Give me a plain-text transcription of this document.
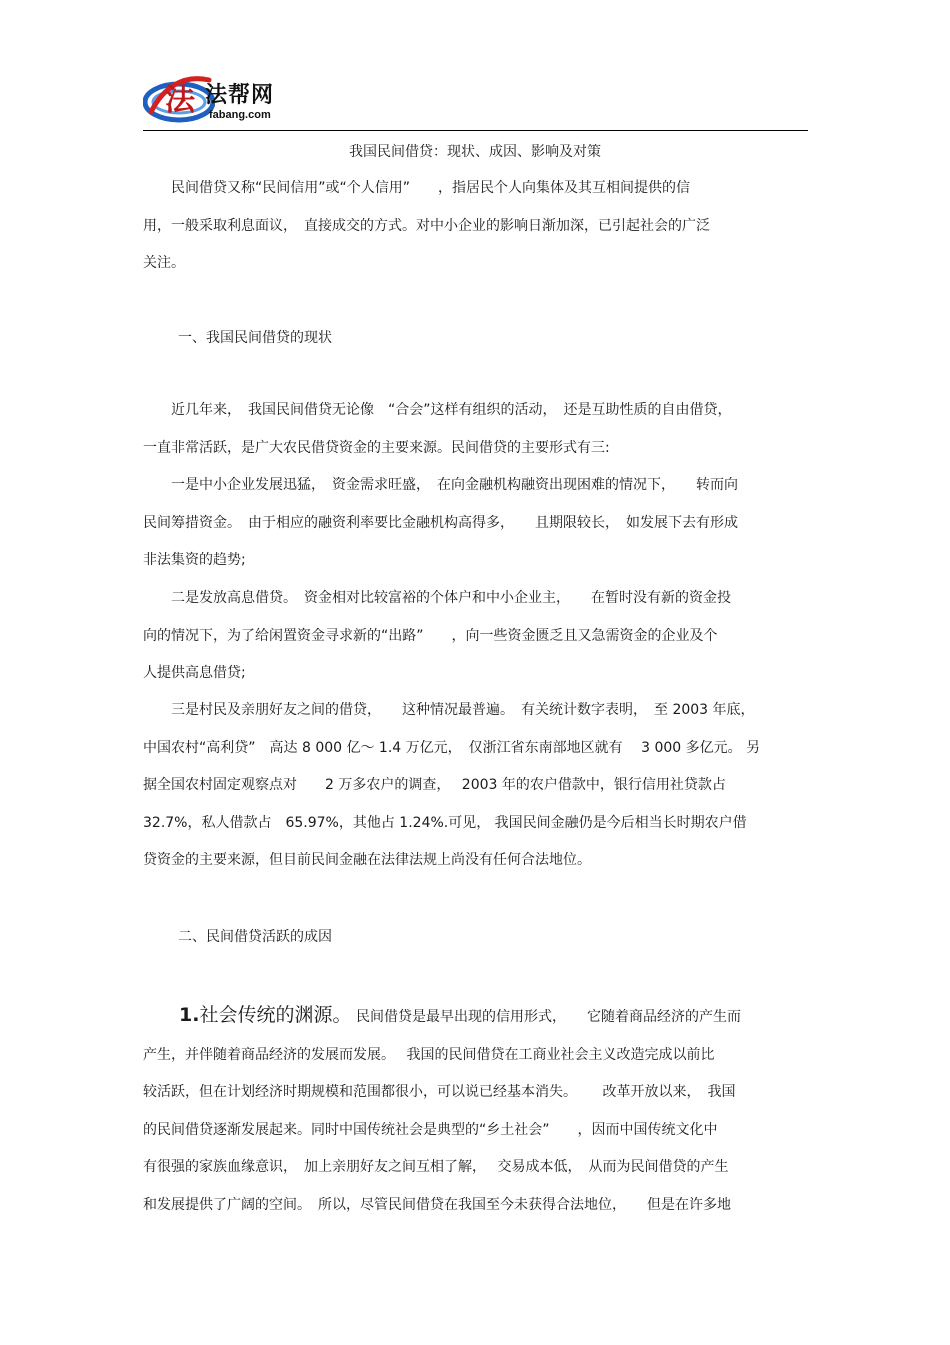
法 法帮网
fabang.com
我国民间借贷：现状、成因、影响及对策

　　民间借贷又称“民间信用”或“个人信用”　　，指居民个人向集体及其互相间提供的信
用，一般采取利息面议，　直接成交的方式。对中小企业的影响日渐加深，已引起社会的广泛
关注。

一、我国民间借贷的现状

　　近几年来，　我国民间借贷无论像　“合会”这样有组织的活动，　还是互助性质的自由借贷，
一直非常活跃，是广大农民借贷资金的主要来源。民间借贷的主要形式有三:

　　一是中小企业发展迅猛，　资金需求旺盛，　在向金融机构融资出现困难的情况下，　　转而向
民间筹措资金。　由于相应的融资利率要比金融机构高得多，　　且期限较长，　如发展下去有形成
非法集资的趋势;

　　二是发放高息借贷。　资金相对比较富裕的个体户和中小企业主，　　在暂时没有新的资金投
向的情况下，为了给闲置资金寻求新的“出路”　　，向一些资金匮乏且又急需资金的企业及个
人提供高息借贷;

　　三是村民及亲朋好友之间的借贷，　　这种情况最普遍。　有关统计数字表明，　至 2003 年底，
中国农村“高利贷”　高达 8 000 亿～ 1.4 万亿元，　仅浙江省东南部地区就有　 3 000 多亿元。 另
据全国农村固定观察点对　　2 万多农户的调查，　 2003 年的农户借款中，银行信用社贷款占
32.7%，私人借款占　65.97%，其他占 1.24%.可见， 我国民间金融仍是今后相当长时期农户借
贷资金的主要来源，但目前民间金融在法律法规上尚没有任何合法地位。

二、民间借贷活跃的成因

1.社会传统的渊源。　民间借贷是最早出现的信用形式，　　它随着商品经济的产生而
产生，并伴随着商品经济的发展而发展。　 我国的民间借贷在工商业社会主义改造完成以前比
较活跃，但在计划经济时期规模和范围都很小，可以说已经基本消失。　　 改革开放以来，　我国
的民间借贷逐渐发展起来。同时中国传统社会是典型的“乡土社会”　　，因而中国传统文化中
有很强的家族血缘意识，　加上亲朋好友之间互相了解，　 交易成本低，　从而为民间借贷的产生
和发展提供了广阔的空间。　所以，尽管民间借贷在我国至今未获得合法地位，　　但是在许多地
